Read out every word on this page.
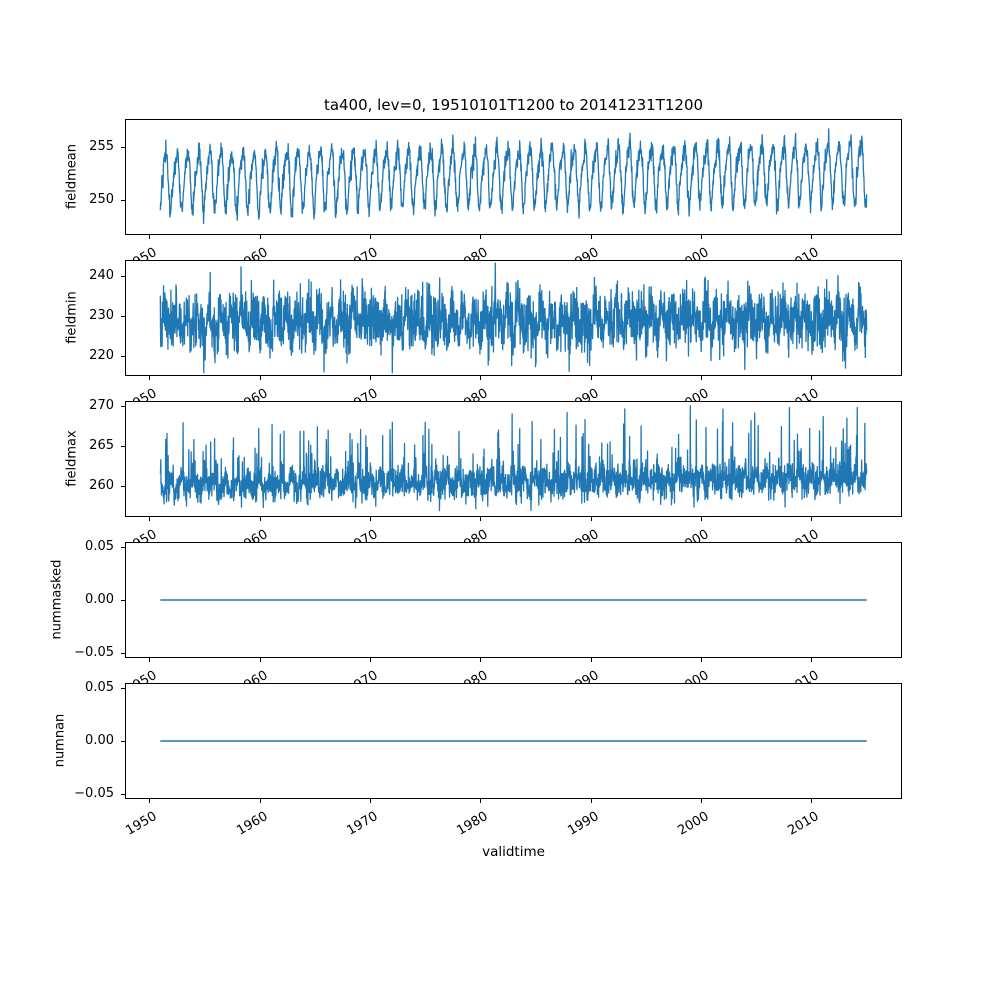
ta400, lev=0, 19510101T1200 to 20141231T1200
fieldmean 250
255
fieldmin
220
230
240
fieldmax 260
265
270
nummasked
−0.05
0.00
0.05
numnan
−0.05
0.00
0.05
1950	1960	1970	1980	1990	2000	2010
validtime
